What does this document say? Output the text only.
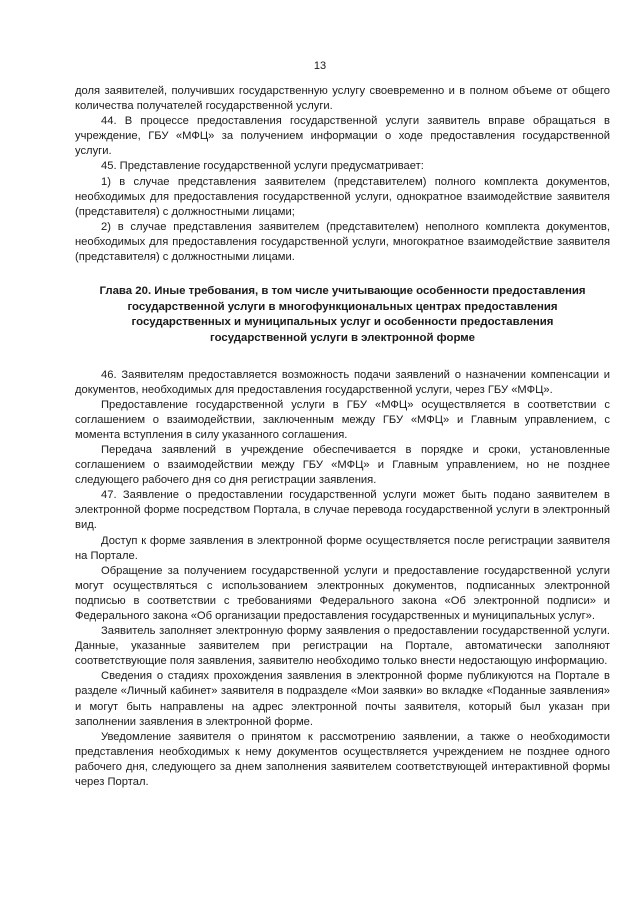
13

доля заявителей, получивших государственную услугу своевременно и в полном объеме от общего количества получателей государственной услуги.

44. В процессе предоставления государственной услуги заявитель вправе обращаться в учреждение, ГБУ «МФЦ» за получением информации о ходе предоставления государственной услуги.

45. Представление государственной услуги предусматривает:

1) в случае представления заявителем (представителем) полного комплекта документов, необходимых для предоставления государственной услуги, однократное взаимодействие заявителя (представителя) с должностными лицами;

2) в случае представления заявителем (представителем) неполного комплекта документов, необходимых для предоставления государственной услуги, многократное взаимодействие заявителя (представителя) с должностными лицами.

Глава 20. Иные требования, в том числе учитывающие особенности предоставления государственной услуги в многофункциональных центрах предоставления государственных и муниципальных услуг и особенности предоставления государственной услуги в электронной форме

46. Заявителям предоставляется возможность подачи заявлений о назначении компенсации и документов, необходимых для предоставления государственной услуги, через ГБУ «МФЦ».

Предоставление государственной услуги в ГБУ «МФЦ» осуществляется в соответствии с соглашением о взаимодействии, заключенным между ГБУ «МФЦ» и Главным управлением, с момента вступления в силу указанного соглашения.

Передача заявлений в учреждение обеспечивается в порядке и сроки, установленные соглашением о взаимодействии между ГБУ «МФЦ» и Главным управлением, но не позднее следующего рабочего дня со дня регистрации заявления.

47. Заявление о предоставлении государственной услуги может быть подано заявителем в электронной форме посредством Портала, в случае перевода государственной услуги в электронный вид.

Доступ к форме заявления в электронной форме осуществляется после регистрации заявителя на Портале.

Обращение за получением государственной услуги и предоставление государственной услуги могут осуществляться с использованием электронных документов, подписанных электронной подписью в соответствии с требованиями Федерального закона «Об электронной подписи» и Федерального закона «Об организации предоставления государственных и муниципальных услуг».

Заявитель заполняет электронную форму заявления о предоставлении государственной услуги. Данные, указанные заявителем при регистрации на Портале, автоматически заполняют соответствующие поля заявления, заявителю необходимо только внести недостающую информацию.

Сведения о стадиях прохождения заявления в электронной форме публикуются на Портале в разделе «Личный кабинет» заявителя в подразделе «Мои заявки» во вкладке «Поданные заявления» и могут быть направлены на адрес электронной почты заявителя, который был указан при заполнении заявления в электронной форме.

Уведомление заявителя о принятом к рассмотрению заявлении, а также о необходимости представления необходимых к нему документов осуществляется учреждением не позднее одного рабочего дня, следующего за днем заполнения заявителем соответствующей интерактивной формы через Портал.
